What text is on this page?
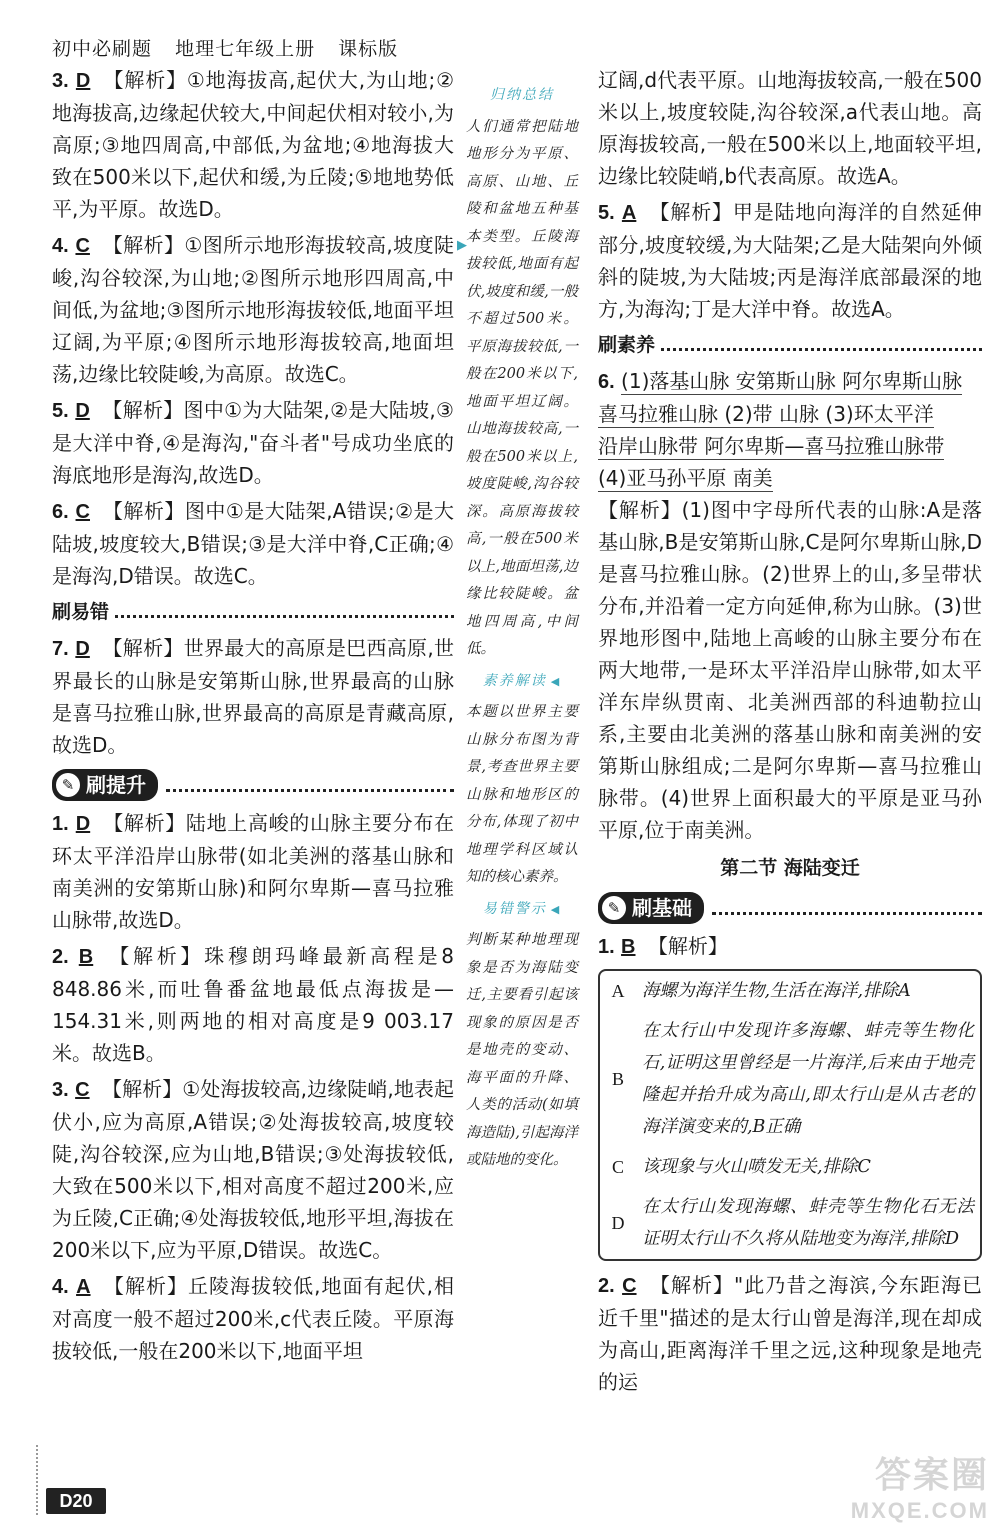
初中必刷题 地理七年级上册 课标版
3. D 【解析】①地海拔高,起伏大,为山地;②地海拔高,边缘起伏较大,中间起伏相对较小,为高原;③地四周高,中部低,为盆地;④地海拔大致在500米以下,起伏和缓,为丘陵;⑤地地势低平,为平原。故选D。
4. C 【解析】①图所示地形海拔较高,坡度陡峻,沟谷较深,为山地;②图所示地形四周高,中间低,为盆地;③图所示地形海拔较低,地面平坦辽阔,为平原;④图所示地形海拔较高,地面坦荡,边缘比较陡峻,为高原。故选C。
5. D 【解析】图中①为大陆架,②是大陆坡,③是大洋中脊,④是海沟,"奋斗者"号成功坐底的海底地形是海沟,故选D。
6. C 【解析】图中①是大陆架,A错误;②是大陆坡,坡度较大,B错误;③是大洋中脊,C正确;④是海沟,D错误。故选C。
刷易错
7. D 【解析】世界最大的高原是巴西高原,世界最长的山脉是安第斯山脉,世界最高的山脉是喜马拉雅山脉,世界最高的高原是青藏高原,故选D。
✎ 刷提升
1. D 【解析】陆地上高峻的山脉主要分布在环太平洋沿岸山脉带(如北美洲的落基山脉和南美洲的安第斯山脉)和阿尔卑斯—喜马拉雅山脉带,故选D。
2. B 【解析】珠穆朗玛峰最新高程是8 848.86米,而吐鲁番盆地最低点海拔是—154.31米,则两地的相对高度是9 003.17米。故选B。
3. C 【解析】①处海拔较高,边缘陡峭,地表起伏小,应为高原,A错误;②处海拔较高,坡度较陡,沟谷较深,应为山地,B错误;③处海拔较低,大致在500米以下,相对高度不超过200米,应为丘陵,C正确;④处海拔较低,地形平坦,海拔在200米以下,应为平原,D错误。故选C。
4. A 【解析】丘陵海拔较低,地面有起伏,相对高度一般不超过200米,c代表丘陵。平原海拔较低,一般在200米以下,地面平坦
▶
归纳总结

人们通常把陆地地形分为平原、高原、山地、丘陵和盆地五种基本类型。丘陵海拔较低,地面有起伏,坡度和缓,一般不超过500米。平原海拔较低,一般在200米以下,地面平坦辽阔。山地海拔较高,一般在500米以上,坡度陡峻,沟谷较深。高原海拔较高,一般在500米以上,地面坦荡,边缘比较陡峻。盆地四周高,中间低。

素养解读 ◀

本题以世界主要山脉分布图为背景,考查世界主要山脉和地形区的分布,体现了初中地理学科区域认知的核心素养。

易错警示 ◀

判断某种地理现象是否为海陆变迁,主要看引起该现象的原因是否是地壳的变动、海平面的升降、人类的活动(如填海造陆),引起海洋或陆地的变化。

辽阔,d代表平原。山地海拔较高,一般在500米以上,坡度较陡,沟谷较深,a代表山地。高原海拔较高,一般在500米以上,地面较平坦,边缘比较陡峭,b代表高原。故选A。
5. A 【解析】甲是陆地向海洋的自然延伸部分,坡度较缓,为大陆架;乙是大陆架向外倾斜的陡坡,为大陆坡;丙是海洋底部最深的地方,为海沟;丁是大洋中脊。故选A。
刷素养
6. (1)落基山脉 安第斯山脉 阿尔卑斯山脉
喜马拉雅山脉 (2)带 山脉 (3)环太平洋
沿岸山脉带 阿尔卑斯—喜马拉雅山脉带
(4)亚马孙平原 南美
【解析】(1)图中字母所代表的山脉:A是落基山脉,B是安第斯山脉,C是阿尔卑斯山脉,D是喜马拉雅山脉。(2)世界上的山,多呈带状分布,并沿着一定方向延伸,称为山脉。(3)世界地形图中,陆地上高峻的山脉主要分布在两大地带,一是环太平洋沿岸山脉带,如太平洋东岸纵贯南、北美洲西部的科迪勒拉山系,主要由北美洲的落基山脉和南美洲的安第斯山脉组成;二是阿尔卑斯—喜马拉雅山脉带。(4)世界上面积最大的平原是亚马孙平原,位于南美洲。
第二节 海陆变迁
✎ 刷基础
1. B 【解析】
A	海螺为海洋生物,生活在海洋,排除A
B	在太行山中发现许多海螺、蚌壳等生物化石,证明这里曾经是一片海洋,后来由于地壳隆起并抬升成为高山,即太行山是从古老的海洋演变来的,B正确
C	该现象与火山喷发无关,排除C
D	在太行山发现海螺、蚌壳等生物化石无法证明太行山不久将从陆地变为海洋,排除D
2. C 【解析】"此乃昔之海滨,今东距海已近千里"描述的是太行山曾是海洋,现在却成为高山,距离海洋千里之远,这种现象是地壳的运
D20
答案圈
MXQE.COM
